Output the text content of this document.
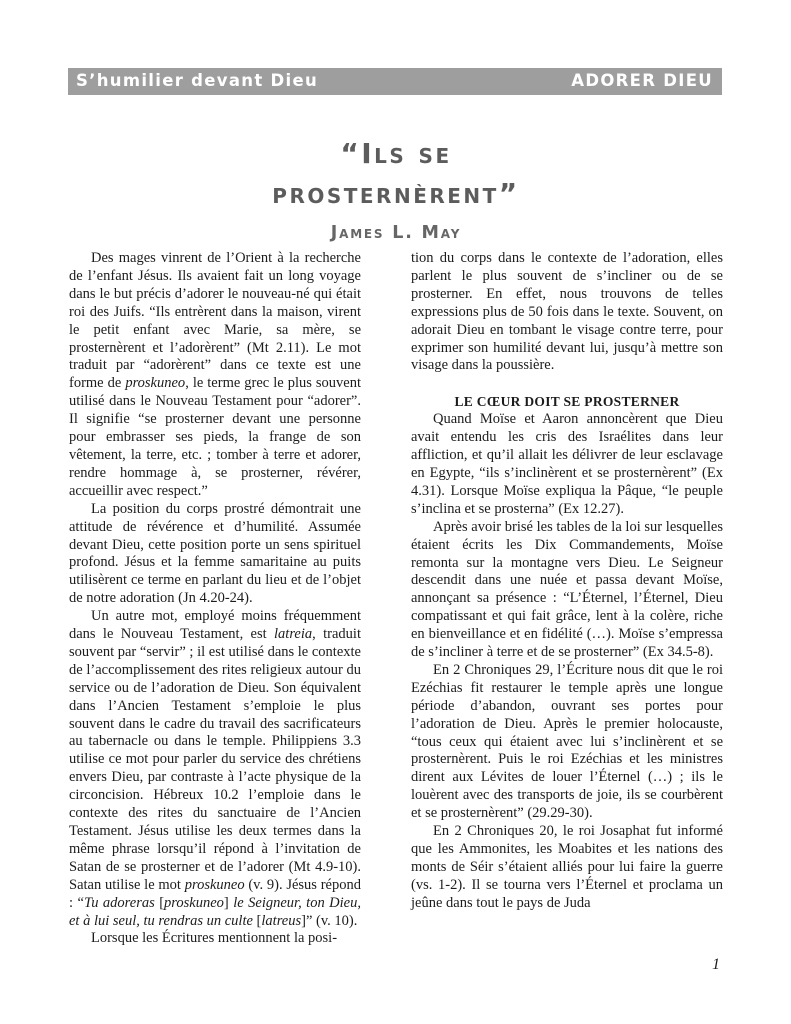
S’humilier devant Dieu	ADORER DIEU
“Ils se
prosternèrent”
James L. May

Des mages vinrent de l’Orient à la recherche de l’enfant Jésus. Ils avaient fait un long voyage dans le but précis d’adorer le nouveau-né qui était roi des Juifs. “Ils entrèrent dans la maison, virent le petit enfant avec Marie, sa mère, se prosternèrent et l’adorèrent” (Mt 2.11). Le mot traduit par “adorèrent” dans ce texte est une forme de proskuneo, le terme grec le plus souvent utilisé dans le Nouveau Testament pour “adorer”. Il signifie “se prosterner devant une personne pour embrasser ses pieds, la frange de son vêtement, la terre, etc. ; tomber à terre et adorer, rendre hommage à, se prosterner, révérer, accueillir avec respect.”

La position du corps prostré démontrait une attitude de révérence et d’humilité. Assumée devant Dieu, cette position porte un sens spirituel profond. Jésus et la femme samaritaine au puits utilisèrent ce terme en parlant du lieu et de l’objet de notre adoration (Jn 4.20-24).

Un autre mot, employé moins fréquemment dans le Nouveau Testament, est latreia, traduit souvent par “servir” ; il est utilisé dans le contexte de l’accomplissement des rites religieux autour du service ou de l’adoration de Dieu. Son équivalent dans l’Ancien Testament s’emploie le plus souvent dans le cadre du travail des sacrificateurs au tabernacle ou dans le temple. Philippiens 3.3 utilise ce mot pour parler du service des chrétiens envers Dieu, par contraste à l’acte physique de la circoncision. Hébreux 10.2 l’emploie dans le contexte des rites du sanctuaire de l’Ancien Testament. Jésus utilise les deux termes dans la même phrase lorsqu’il répond à l’invitation de Satan de se prosterner et de l’adorer (Mt 4.9-10). Satan utilise le mot proskuneo (v. 9). Jésus répond : “Tu adoreras [proskuneo] le Seigneur, ton Dieu, et à lui seul, tu rendras un culte [latreus]” (v. 10).

Lorsque les Écritures mentionnent la posi-

tion du corps dans le contexte de l’adoration, elles parlent le plus souvent de s’incliner ou de se prosterner. En effet, nous trouvons de telles expressions plus de 50 fois dans le texte. Souvent, on adorait Dieu en tombant le visage contre terre, pour exprimer son humilité devant lui, jusqu’à mettre son visage dans la poussière.

LE CŒUR DOIT SE PROSTERNER

Quand Moïse et Aaron annoncèrent que Dieu avait entendu les cris des Israélites dans leur affliction, et qu’il allait les délivrer de leur esclavage en Egypte, “ils s’inclinèrent et se prosternèrent” (Ex 4.31). Lorsque Moïse expliqua la Pâque, “le peuple s’inclina et se prosterna” (Ex 12.27).

Après avoir brisé les tables de la loi sur lesquelles étaient écrits les Dix Commandements, Moïse remonta sur la montagne vers Dieu. Le Seigneur descendit dans une nuée et passa devant Moïse, annonçant sa présence : “L’Éternel, l’Éternel, Dieu compatissant et qui fait grâce, lent à la colère, riche en bienveillance et en fidélité (…). Moïse s’empressa de s’incliner à terre et de se prosterner” (Ex 34.5-8).

En 2 Chroniques 29, l’Écriture nous dit que le roi Ezéchias fit restaurer le temple après une longue période d’abandon, ouvrant ses portes pour l’adoration de Dieu. Après le premier holocauste, “tous ceux qui étaient avec lui s’inclinèrent et se prosternèrent. Puis le roi Ezéchias et les ministres dirent aux Lévites de louer l’Éternel (…) ; ils le louèrent avec des transports de joie, ils se courbèrent et se prosternèrent” (29.29-30).

En 2 Chroniques 20, le roi Josaphat fut informé que les Ammonites, les Moabites et les nations des monts de Séir s’étaient alliés pour lui faire la guerre (vs. 1-2). Il se tourna vers l’Éternel et proclama un jeûne dans tout le pays de Juda

1
